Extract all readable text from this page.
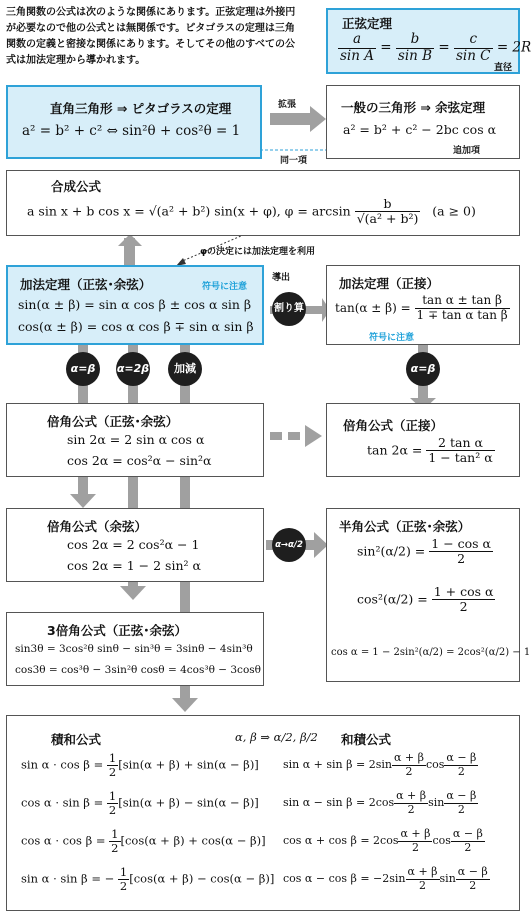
三角関数の公式は次のような関係にあります。正弦定理は外接円
が必要なので他の公式とは無関係です。ピタゴラスの定理は三角
関数の定義と密接な関係にあります。そしてその他のすべての公
式は加法定理から導かれます。
正弦定理
$\frac{a}{\text{sin A}} = \frac{b}{\text{sin B}} = \frac{c}{\text{sin C}} = 2R$
直径
直角三角形 ⇒ ピタゴラスの定理
a² = b² + c² ⇔ sin²θ + cos²θ = 1
拡張
同一項
一般の三角形 ⇒ 余弦定理
a² = b² + c² − 2bc cos α
追加項
合成公式
a sin x + b cos x = √(a² + b²) sin(x + φ), $\varphi = \arcsin \frac{b}{\text{√(a² + b²)}} (a \ge 0)$
φの決定には加法定理を利用
導出
加法定理（正弦･余弦）	符号に注意
sin(α ± β) = sin α cos β ± cos α sin β
cos(α ± β) = cos α cos β ∓ sin α sin β
割り算
加法定理（正接）
$\tan(\alpha \pm \beta) = \frac{\text{tan α ± tan β}}{\text{1 ∓ tan α tan β}}$
符号に注意
α=β	α=2β	加減	α=β
倍角公式（正弦･余弦）
sin 2α = 2 sin α cos α
cos 2α = cos²α − sin²α
倍角公式（正接）
$\tan 2\alpha = \frac{\text{2 tan α}}{\text{1 − tan² α}}$
倍角公式（余弦）
cos 2α = 2 cos²α − 1
cos 2α = 1 − 2 sin² α
α→α/2
半角公式（正弦･余弦）
$\sin^2(\alpha/2) = \frac{\text{1 − cos α}}{2}$
$\cos^2(\alpha/2) = \frac{\text{1 + cos α}}{2}$
cos α = 1 − 2sin²(α/2) = 2cos²(α/2) − 1
3倍角公式（正弦･余弦）
sin3θ = 3cos²θ sinθ − sin³θ = 3sinθ − 4sin³θ
cos3θ = cos³θ − 3sin²θ cosθ = 4cos³θ − 3cosθ
積和公式	α, β ⇒ α/2, β/2 和積公式
$\sin \alpha \cdot \cos \beta = \frac{1}{2} [\sin(\alpha + \beta) + \sin(\alpha - \beta)]$ $\sin \alpha + \sin \beta = 2\sin \frac{\alpha + \beta}{2}$ $\cos \frac{\alpha - \beta}{2}$
$\cos \alpha \cdot \sin \beta = \frac{1}{2} [\sin(\alpha + \beta) - \sin(\alpha - \beta)]$ $\sin \alpha - \sin \beta = 2\cos \frac{\alpha + \beta}{2}$ $\sin \frac{\alpha - \beta}{2}$
$\cos \alpha \cdot \cos \beta = \frac{1}{2} [\cos(\alpha + \beta) + \cos(\alpha - \beta)]$ $\cos \alpha + \cos \beta = 2\cos \frac{\alpha + \beta}{2}$ $\cos \frac{\alpha - \beta}{2}$
sin α · sin β = − $\frac{1}{2} [\cos(\alpha + \beta) - \cos(\alpha - \beta)]$ $\cos \alpha - \cos \beta = -2\sin \frac{\alpha + \beta}{2}$ $\sin \frac{\alpha - \beta}{2}$
